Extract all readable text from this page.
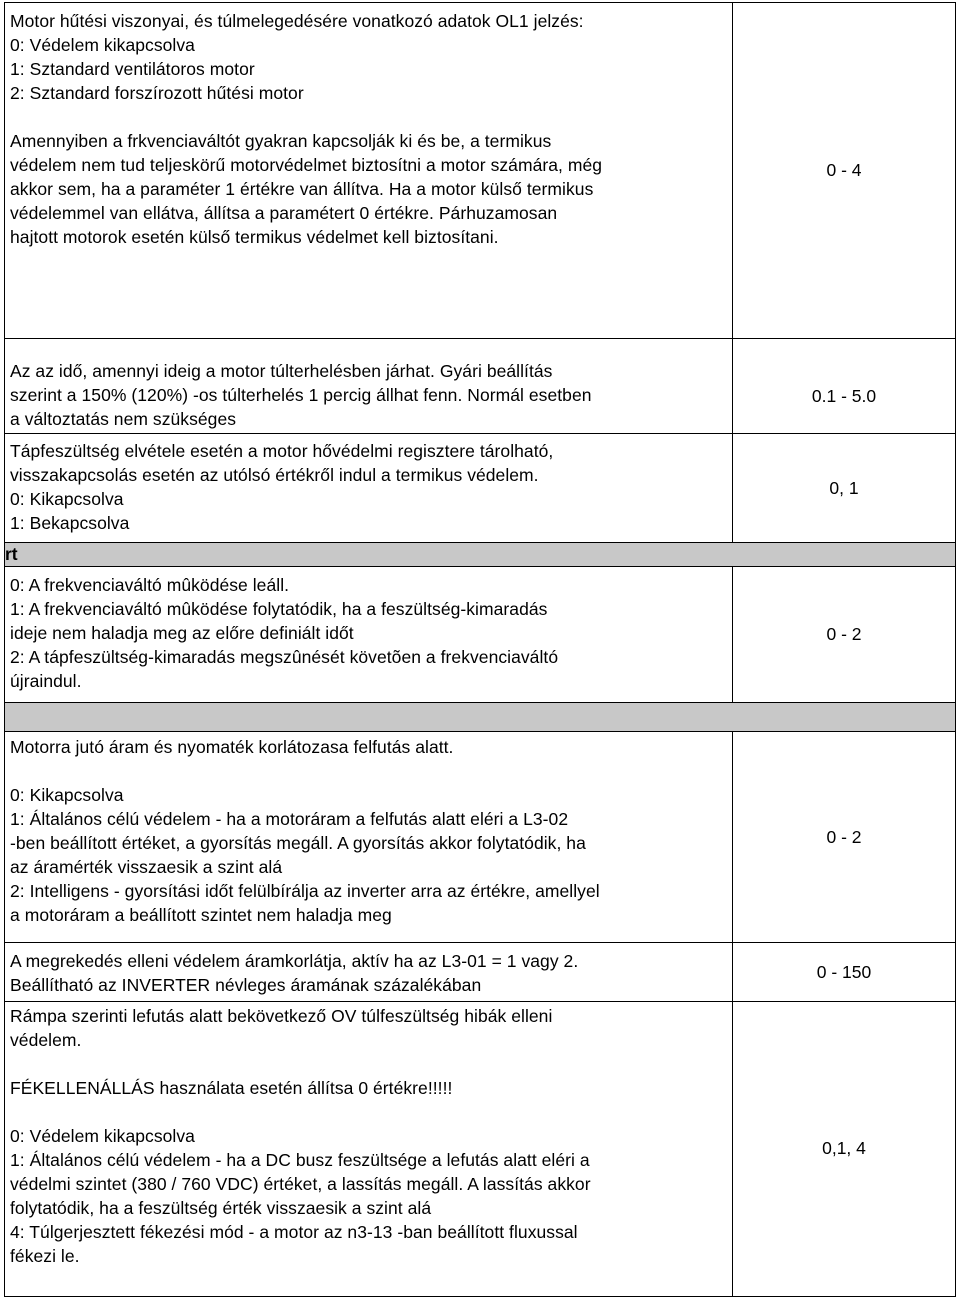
Motor hűtési viszonyai, és túlmelegedésére vonatkozó adatok OL1 jelzés:
0: Védelem kikapcsolva
1: Sztandard ventilátoros motor
2: Sztandard forszírozott hűtési motor
Amennyiben a frkvenciaváltót gyakran kapcsolják ki és be, a termikus
védelem nem tud teljeskörű motorvédelmet biztosítni a motor számára, még
akkor sem, ha a paraméter 1 értékre van állítva. Ha a motor külső termikus
védelemmel van ellátva, állítsa a paramétert 0 értékre. Párhuzamosan
hajtott motorok esetén külső termikus védelmet kell biztosítani.
0 - 4
Az az idő, amennyi ideig a motor túlterhelésben járhat. Gyári beállítás
szerint a 150% (120%) -os túlterhelés 1 percig állhat fenn. Normál esetben
a változtatás nem szükséges
0.1 - 5.0
Tápfeszültség elvétele esetén a motor hővédelmi regisztere tárolható,
visszakapcsolás esetén az utólsó értékről indul a termikus védelem.
0: Kikapcsolva
1: Bekapcsolva
0, 1
rt
0: A frekvenciaváltó mûködése leáll.
1: A frekvenciaváltó mûködése folytatódik, ha a feszültség-kimaradás
ideje nem haladja meg az előre definiált időt
2: A tápfeszültség-kimaradás megszûnését követõen a frekvenciaváltó
újraindul.
0 - 2
Motorra jutó áram és nyomaték korlátozasa felfutás alatt.
0: Kikapcsolva
1: Általános célú védelem - ha a motoráram a felfutás alatt eléri a L3-02
-ben beállított értéket, a gyorsítás megáll. A gyorsítás akkor folytatódik, ha
az áramérték visszaesik a szint alá
2: Intelligens - gyorsítási időt felülbírálja az inverter arra az értékre, amellyel
a motoráram a beállított szintet nem haladja meg
0 - 2
A megrekedés elleni védelem áramkorlátja, aktív ha az L3-01 = 1 vagy 2.
Beállítható az INVERTER névleges áramának százalékában
0 - 150
Rámpa szerinti lefutás alatt bekövetkező OV túlfeszültség hibák elleni
védelem.
FÉKELLENÁLLÁS használata esetén állítsa 0 értékre!!!!!
0: Védelem kikapcsolva
1: Általános célú védelem - ha a DC busz feszültsége a lefutás alatt eléri a
védelmi szintet (380 / 760 VDC) értéket, a lassítás megáll. A lassítás akkor
folytatódik, ha a feszültség érték visszaesik a szint alá
4: Túlgerjesztett fékezési mód - a motor az n3-13 -ban beállított fluxussal
fékezi le.
0,1, 4
